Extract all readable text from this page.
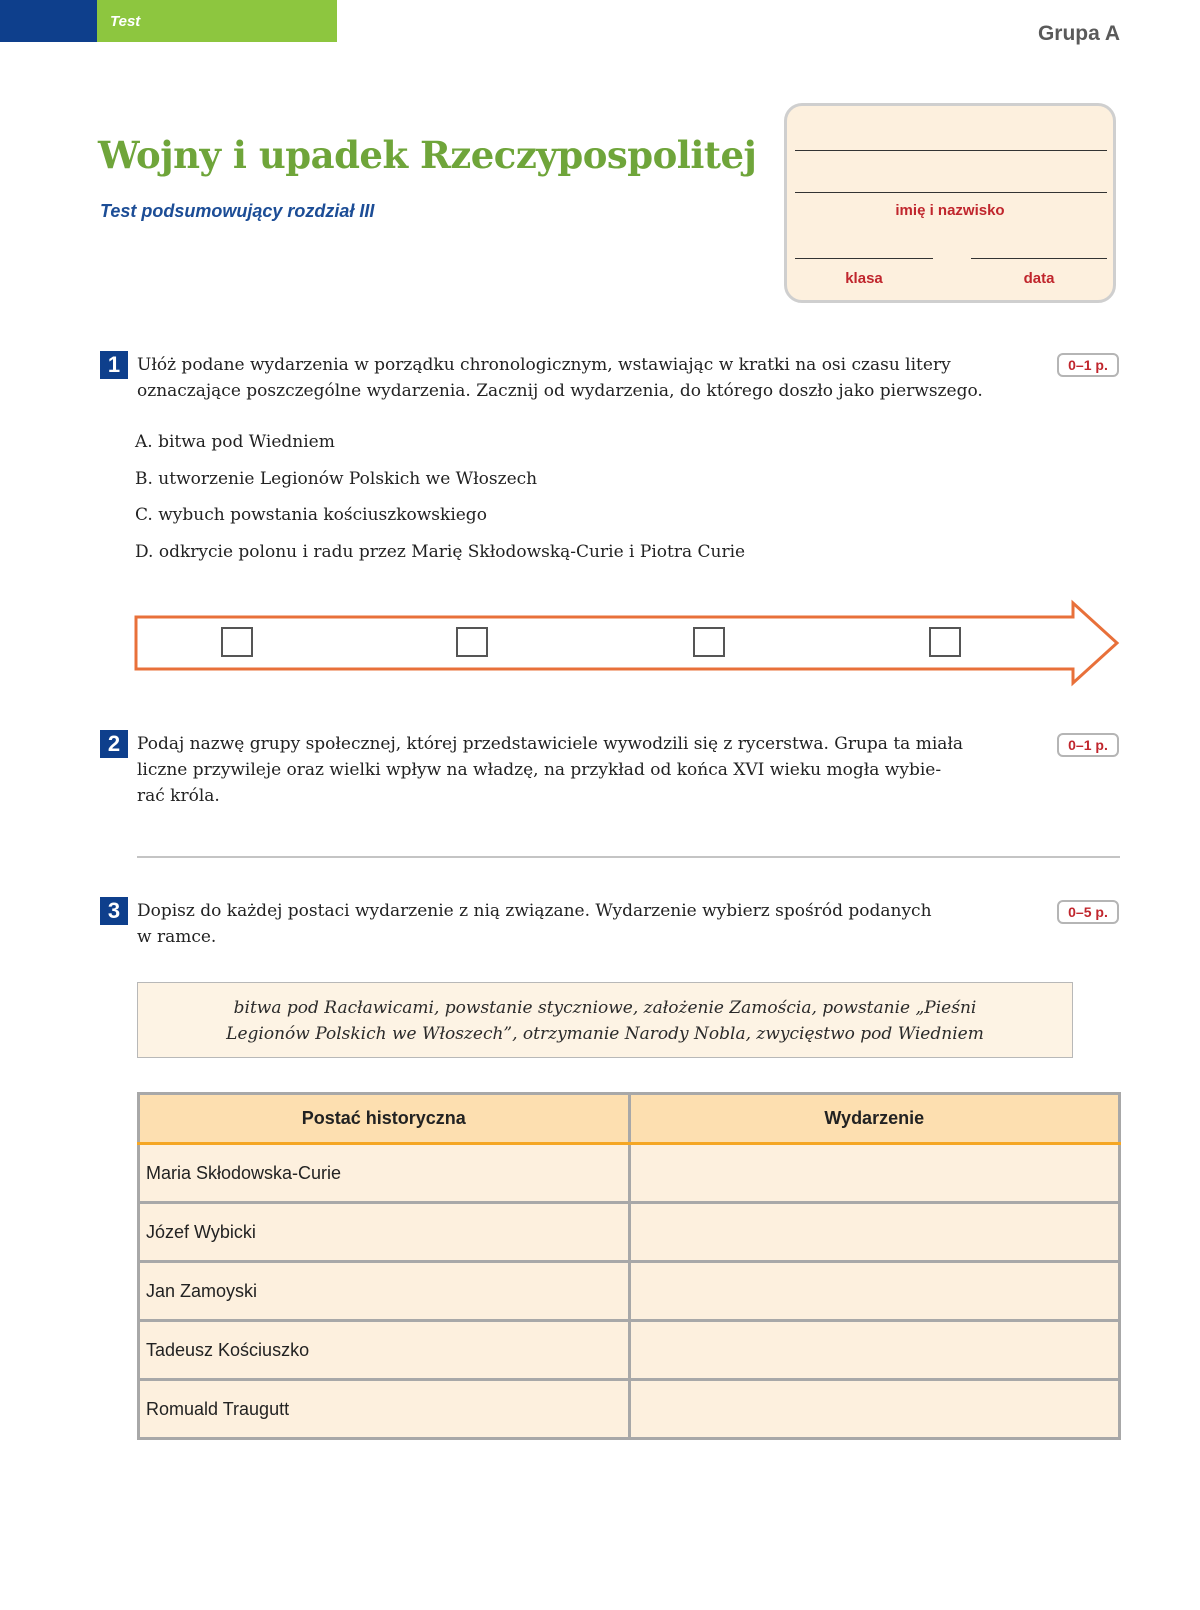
Test
Grupa A
Wojny i upadek Rzeczypospolitej
Test podsumowujący rozdział III	imię i nazwisko
klasa	data
1	0–1 p.
Ułóż podane wydarzenia w porządku chronologicznym, wstawiając w kratki na osi czasu litery
oznaczające poszczególne wydarzenia. Zacznij od wydarzenia, do którego doszło jako pierwszego.
A. bitwa pod Wiedniem
B. utworzenie Legionów Polskich we Włoszech
C. wybuch powstania kościuszkowskiego
D. odkrycie polonu i radu przez Marię Skłodowską-Curie i Piotra Curie
2	0–1 p.
Podaj nazwę grupy społecznej, której przedstawiciele wywodzili się z rycerstwa. Grupa ta miała
liczne przywileje oraz wielki wpływ na władzę, na przykład od końca XVI wieku mogła wybie-
rać króla.
3	0–5 p.
Dopisz do każdej postaci wydarzenie z nią związane. Wydarzenie wybierz spośród podanych
w ramce.
bitwa pod Racławicami, powstanie styczniowe, założenie Zamościa, powstanie „Pieśni
Legionów Polskich we Włoszech”, otrzymanie Narody Nobla, zwycięstwo pod Wiedniem
Postać historyczna	Wydarzenie
Maria Skłodowska-Curie	
Józef Wybicki	
Jan Zamoyski	
Tadeusz Kościuszko	
Romuald Traugutt	
